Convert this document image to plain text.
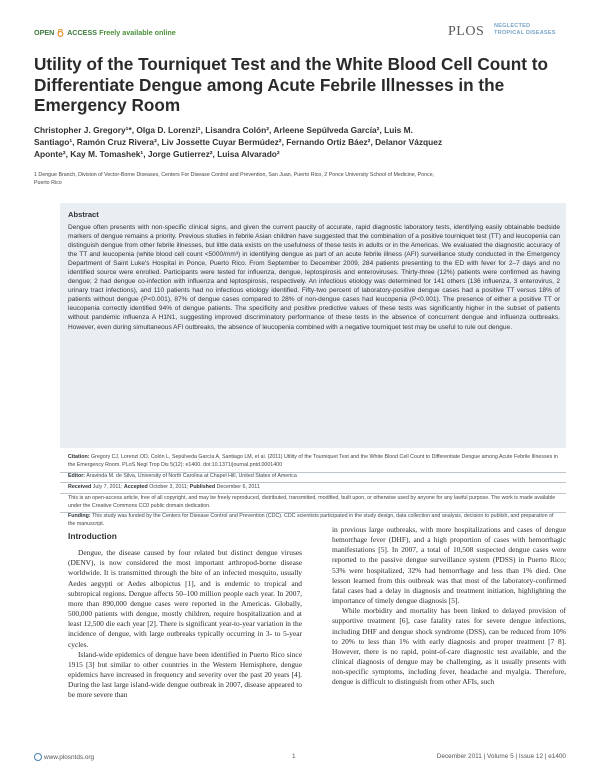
OPEN ACCESS Freely available online	PLOS NEGLECTED
TROPICAL DISEASES
Utility of the Tourniquet Test and the White Blood Cell Count to Differentiate Dengue among Acute Febrile Illnesses in the Emergency Room
Christopher J. Gregory¹*, Olga D. Lorenzi¹, Lisandra Colón², Arleene Sepúlveda García², Luis M.
Santiago¹, Ramón Cruz Rivera², Liv Jossette Cuyar Bermúdez², Fernando Ortiz Báez², Delanor Vázquez
Aponte², Kay M. Tomashek¹, Jorge Gutierrez², Luisa Alvarado²
1 Dengue Branch, Division of Vector-Borne Diseases, Centers For Disease Control and Prevention, San Juan, Puerto Rico, 2 Ponce University School of Medicine, Ponce,
Puerto Rico
Abstract
Dengue often presents with non-specific clinical signs, and given the current paucity of accurate, rapid diagnostic laboratory tests, identifying easily obtainable bedside markers of dengue remains a priority. Previous studies in febrile Asian children have suggested that the combination of a positive tourniquet test (TT) and leucopenia can distinguish dengue from other febrile illnesses, but little data exists on the usefulness of these tests in adults or in the Americas. We evaluated the diagnostic accuracy of the TT and leucopenia (white blood cell count <5000/mm³) in identifying dengue as part of an acute febrile illness (AFI) surveillance study conducted in the Emergency Department of Saint Luke's Hospital in Ponce, Puerto Rico. From September to December 2009, 284 patients presenting to the ED with fever for 2–7 days and no identified source were enrolled. Participants were tested for influenza, dengue, leptospirosis and enteroviruses. Thirty-three (12%) patients were confirmed as having dengue; 2 had dengue co-infection with influenza and leptospirosis, respectively. An infectious etiology was determined for 141 others (136 influenza, 3 enterovirus, 2 urinary tract infections), and 110 patients had no infectious etiology identified. Fifty-two percent of laboratory-positive dengue cases had a positive TT versus 18% of patients without dengue (P<0.001), 87% of dengue cases compared to 28% of non-dengue cases had leucopenia (P<0.001). The presence of either a positive TT or leucopenia correctly identified 94% of dengue patients. The specificity and positive predictive values of these tests was significantly higher in the subset of patients without pandemic influenza A H1N1, suggesting improved discriminatory performance of these tests in the absence of concurrent dengue and influenza outbreaks. However, even during simultaneous AFI outbreaks, the absence of leucopenia combined with a negative tourniquet test may be useful to rule out dengue.
Citation: Gregory CJ, Lorenzi OD, Colón L, Sepúlveda García A, Santiago LM, et al. (2011) Utility of the Tourniquet Test and the White Blood Cell Count to Differentiate Dengue among Acute Febrile Illnesses in the Emergency Room. PLoS Negl Trop Dis 5(12): e1400. doi:10.1371/journal.pntd.0001400
Editor: Aravinda M. de Silva, University of North Carolina at Chapel Hill, United States of America
Received July 7, 2011; Accepted October 3, 2011; Published December 6, 2011
This is an open-access article, free of all copyright, and may be freely reproduced, distributed, transmitted, modified, built upon, or otherwise used by anyone for any lawful purpose. The work is made available under the Creative Commons CC0 public domain dedication.
Funding: This study was funded by the Centers for Disease Control and Prevention (CDC). CDC scientists participated in the study design, data collection and analysis, decision to publish, and preparation of the manuscript.
Introduction

Dengue, the disease caused by four related but distinct dengue viruses (DENV), is now considered the most important arthropod-borne disease worldwide. It is transmitted through the bite of an infected mosquito, usually Aedes aegypti or Aedes albopictus [1], and is endemic to tropical and subtropical regions. Dengue affects 50–100 million people each year. In 2007, more than 890,000 dengue cases were reported in the Americas. Globally, 500,000 patients with dengue, mostly children, require hospitalization and at least 12,500 die each year [2]. There is significant year-to-year variation in the incidence of dengue, with large outbreaks typically occurring in 3- to 5-year cycles.

Island-wide epidemics of dengue have been identified in Puerto Rico since 1915 [3] but similar to other countries in the Western Hemisphere, dengue epidemics have increased in frequency and severity over the past 20 years [4]. During the last large island-wide dengue outbreak in 2007, disease appeared to be more severe than

in previous large outbreaks, with more hospitalizations and cases of dengue hemorrhage fever (DHF), and a high proportion of cases with hemorrhagic manifestations [5]. In 2007, a total of 10,508 suspected dengue cases were reported to the passive dengue surveillance system (PDSS) in Puerto Rico; 53% were hospitalized, 32% had hemorrhage and less than 1% died. One lesson learned from this outbreak was that most of the laboratory-confirmed fatal cases had a delay in diagnosis and treatment initiation, highlighting the importance of timely dengue diagnosis [5].

While morbidity and mortality has been linked to delayed provision of supportive treatment [6], case fatality rates for severe dengue infections, including DHF and dengue shock syndrome (DSS), can be reduced from 10% to 20% to less than 1% with early diagnosis and proper treatment [7 8]. However, there is no rapid, point-of-care diagnostic test available, and the clinical diagnosis of dengue may be challenging, as it usually presents with non-specific symptoms, including fever, headache and myalgia. Therefore, dengue is difficult to distinguish from other AFIs, such

www.plosntds.org	1	December 2011 | Volume 5 | Issue 12 | e1400
